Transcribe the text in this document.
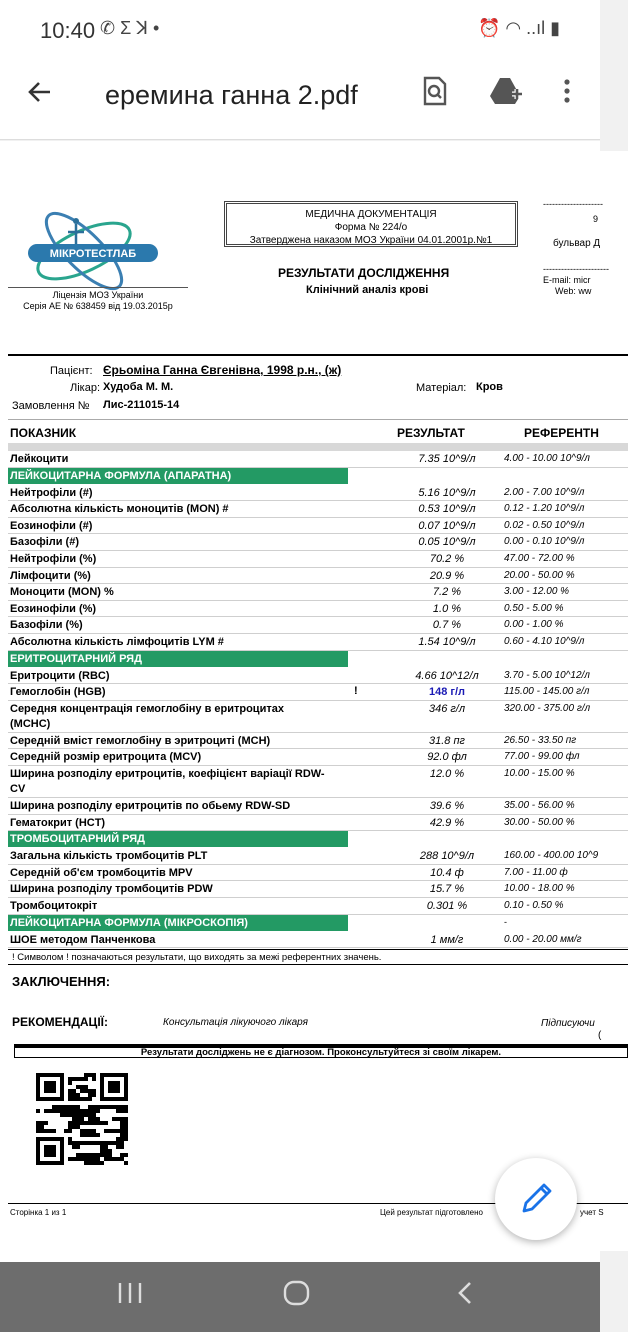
10:40 ✆ Σ ꓘ •	⏰ ◠ ..ıl ▮
еремина ганна 2.pdf
МІКРОТЕСТЛАБ
Ліцензія МОЗ України
Серія АЕ № 638459 від 19.03.2015р
МЕДИЧНА ДОКУМЕНТАЦІЯ
Форма № 224/о
Затверджена наказом МОЗ України 04.01.2001р.№1
--------------------
9
бульвар Д
----------------------
E-mail: micr
Web: ww
РЕЗУЛЬТАТИ ДОСЛІДЖЕННЯ
Клінічний аналіз крові
Пацієнт: Єрьоміна Ганна Євгенівна, 1998 р.н., (ж)
Лікар: Худоба М. М.	Матеріал: Кров
Замовлення № Лис-211015-14
ПОКАЗНИК	РЕЗУЛЬТАТ	РЕФЕРЕНТН
Лейкоцити	7.35 10^9/л	4.00 - 10.00 10^9/л
ЛЕЙКОЦИТАРНА ФОРМУЛА (АПАРАТНА)
Нейтрофіли (#)	5.16 10^9/л	2.00 - 7.00 10^9/л
Абсолютна кількість моноцитів (MON) #	0.53 10^9/л	0.12 - 1.20 10^9/л
Еозинофіли (#)	0.07 10^9/л	0.02 - 0.50 10^9/л
Базофіли (#)	0.05 10^9/л	0.00 - 0.10 10^9/л
Нейтрофіли (%)	70.2 %	47.00 - 72.00 %
Лімфоцити (%)	20.9 %	20.00 - 50.00 %
Моноцити (MON) %	7.2 %	3.00 - 12.00 %
Еозинофіли (%)	1.0 %	0.50 - 5.00 %
Базофіли (%)	0.7 %	0.00 - 1.00 %
Абсолютна кількість лімфоцитів LYM #	1.54 10^9/л	0.60 - 4.10 10^9/л
ЕРИТРОЦИТАРНИЙ РЯД
Еритроцити (RBC)	4.66 10^12/л	3.70 - 5.00 10^12/л
Гемоглобін (HGB)	!	148 г/л	115.00 - 145.00 г/л
Середня концентрація гемоглобіну в еритроцитах
(MCHC)
346 г/л	320.00 - 375.00 г/л
Середній вміст гемоглобіну в эритроциті (MCH)	31.8 пг	26.50 - 33.50 пг
Середній розмір еритроцита (MCV)	92.0 фл	77.00 - 99.00 фл
Ширина розподілу еритроцитів, коефіцієнт варіації RDW-
CV
12.0 %	10.00 - 15.00 %
Ширина розподілу еритроцитів по обьему RDW-SD	39.6 %	35.00 - 56.00 %
Гематокрит (HCT)	42.9 %	30.00 - 50.00 %
ТРОМБОЦИТАРНИЙ РЯД
Загальна кількість тромбоцитів PLT	288 10^9/л	160.00 - 400.00 10^9
Середній об'єм тромбоцитів MPV	10.4 ф	7.00 - 11.00 ф
Ширина розподілу тромбоцитів PDW	15.7 %	10.00 - 18.00 %
Тромбоцитокріт	0.301 %	0.10 - 0.50 %
ЛЕЙКОЦИТАРНА ФОРМУЛА (МІКРОСКОПІЯ)	-
ШОЕ методом Панченкова	1 мм/г	0.00 - 20.00 мм/г
! Символом ! позначаються результати, що виходять за межі референтних значень.
ЗАКЛЮЧЕННЯ:
РЕКОМЕНДАЦІЇ:	Консультація лікуючого лікаря	Підписуючи
(
Результати досліджень не є діагнозом. Проконсультуйтеся зі своїм лікарем.
Сторінка 1 из 1	Цей результат підготовлено	учет S
